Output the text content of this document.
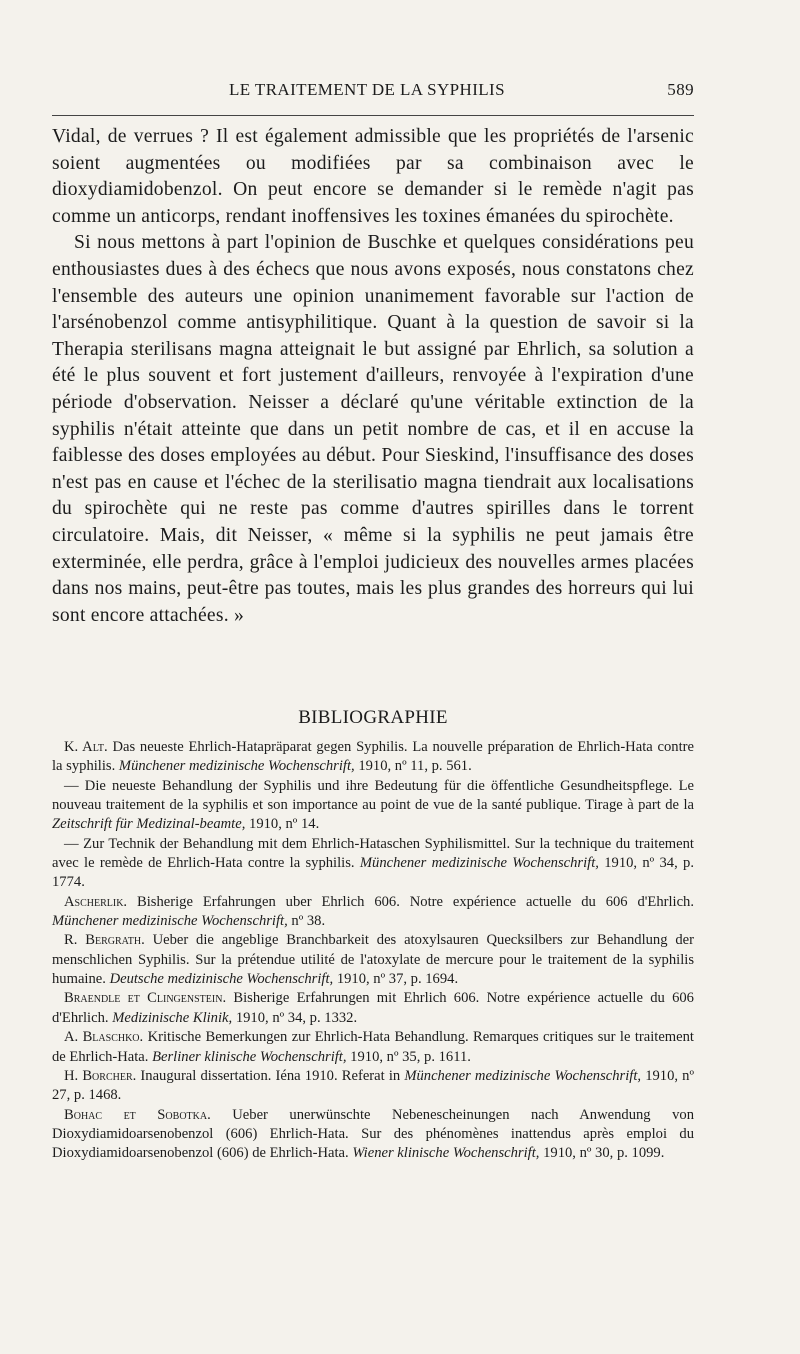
LE TRAITEMENT DE LA SYPHILIS	589

Vidal, de verrues ? Il est également admissible que les propriétés de l'arsenic soient augmentées ou modifiées par sa combinaison avec le dioxydiamidobenzol. On peut encore se demander si le remède n'agit pas comme un anticorps, rendant inoffensives les toxines émanées du spirochète.

Si nous mettons à part l'opinion de Buschke et quelques considérations peu enthousiastes dues à des échecs que nous avons exposés, nous constatons chez l'ensemble des auteurs une opinion unanimement favorable sur l'action de l'arsénobenzol comme antisyphilitique. Quant à la question de savoir si la Therapia sterilisans magna atteignait le but assigné par Ehrlich, sa solution a été le plus souvent et fort justement d'ailleurs, renvoyée à l'expiration d'une période d'observation. Neisser a déclaré qu'une véritable extinction de la syphilis n'était atteinte que dans un petit nombre de cas, et il en accuse la faiblesse des doses employées au début. Pour Sieskind, l'insuffisance des doses n'est pas en cause et l'échec de la sterilisatio magna tiendrait aux localisations du spirochète qui ne reste pas comme d'autres spirilles dans le torrent circulatoire. Mais, dit Neisser, « même si la syphilis ne peut jamais être exterminée, elle perdra, grâce à l'emploi judicieux des nouvelles armes placées dans nos mains, peut-être pas toutes, mais les plus grandes des horreurs qui lui sont encore attachées. »

BIBLIOGRAPHIE

K. Alt. Das neueste Ehrlich-Hatapräparat gegen Syphilis. La nouvelle préparation de Ehrlich-Hata contre la syphilis. Münchener medizinische Wochenschrift, 1910, nº 11, p. 561.

— Die neueste Behandlung der Syphilis und ihre Bedeutung für die öffentliche Gesundheitspflege. Le nouveau traitement de la syphilis et son importance au point de vue de la santé publique. Tirage à part de la Zeitschrift für Medizinal-beamte, 1910, nº 14.

— Zur Technik der Behandlung mit dem Ehrlich-Hataschen Syphilismittel. Sur la technique du traitement avec le remède de Ehrlich-Hata contre la syphilis. Münchener medizinische Wochenschrift, 1910, nº 34, p. 1774.

Ascherlik. Bisherige Erfahrungen uber Ehrlich 606. Notre expérience actuelle du 606 d'Ehrlich. Münchener medizinische Wochenschrift, nº 38.

R. Bergrath. Ueber die angeblige Branchbarkeit des atoxylsauren Quecksilbers zur Behandlung der menschlichen Syphilis. Sur la prétendue utilité de l'atoxylate de mercure pour le traitement de la syphilis humaine. Deutsche medizinische Wochenschrift, 1910, nº 37, p. 1694.

Braendle et Clingenstein. Bisherige Erfahrungen mit Ehrlich 606. Notre expérience actuelle du 606 d'Ehrlich. Medizinische Klinik, 1910, nº 34, p. 1332.

A. Blaschko. Kritische Bemerkungen zur Ehrlich-Hata Behandlung. Remarques critiques sur le traitement de Ehrlich-Hata. Berliner klinische Wochenschrift, 1910, nº 35, p. 1611.

H. Borcher. Inaugural dissertation. Iéna 1910. Referat in Münchener medizinische Wochenschrift, 1910, nº 27, p. 1468.

Bohac et Sobotka. Ueber unerwünschte Nebenescheinungen nach Anwendung von Dioxydiamidoarsenobenzol (606) Ehrlich-Hata. Sur des phénomènes inattendus après emploi du Dioxydiamidoarsenobenzol (606) de Ehrlich-Hata. Wiener klinische Wochenschrift, 1910, nº 30, p. 1099.
